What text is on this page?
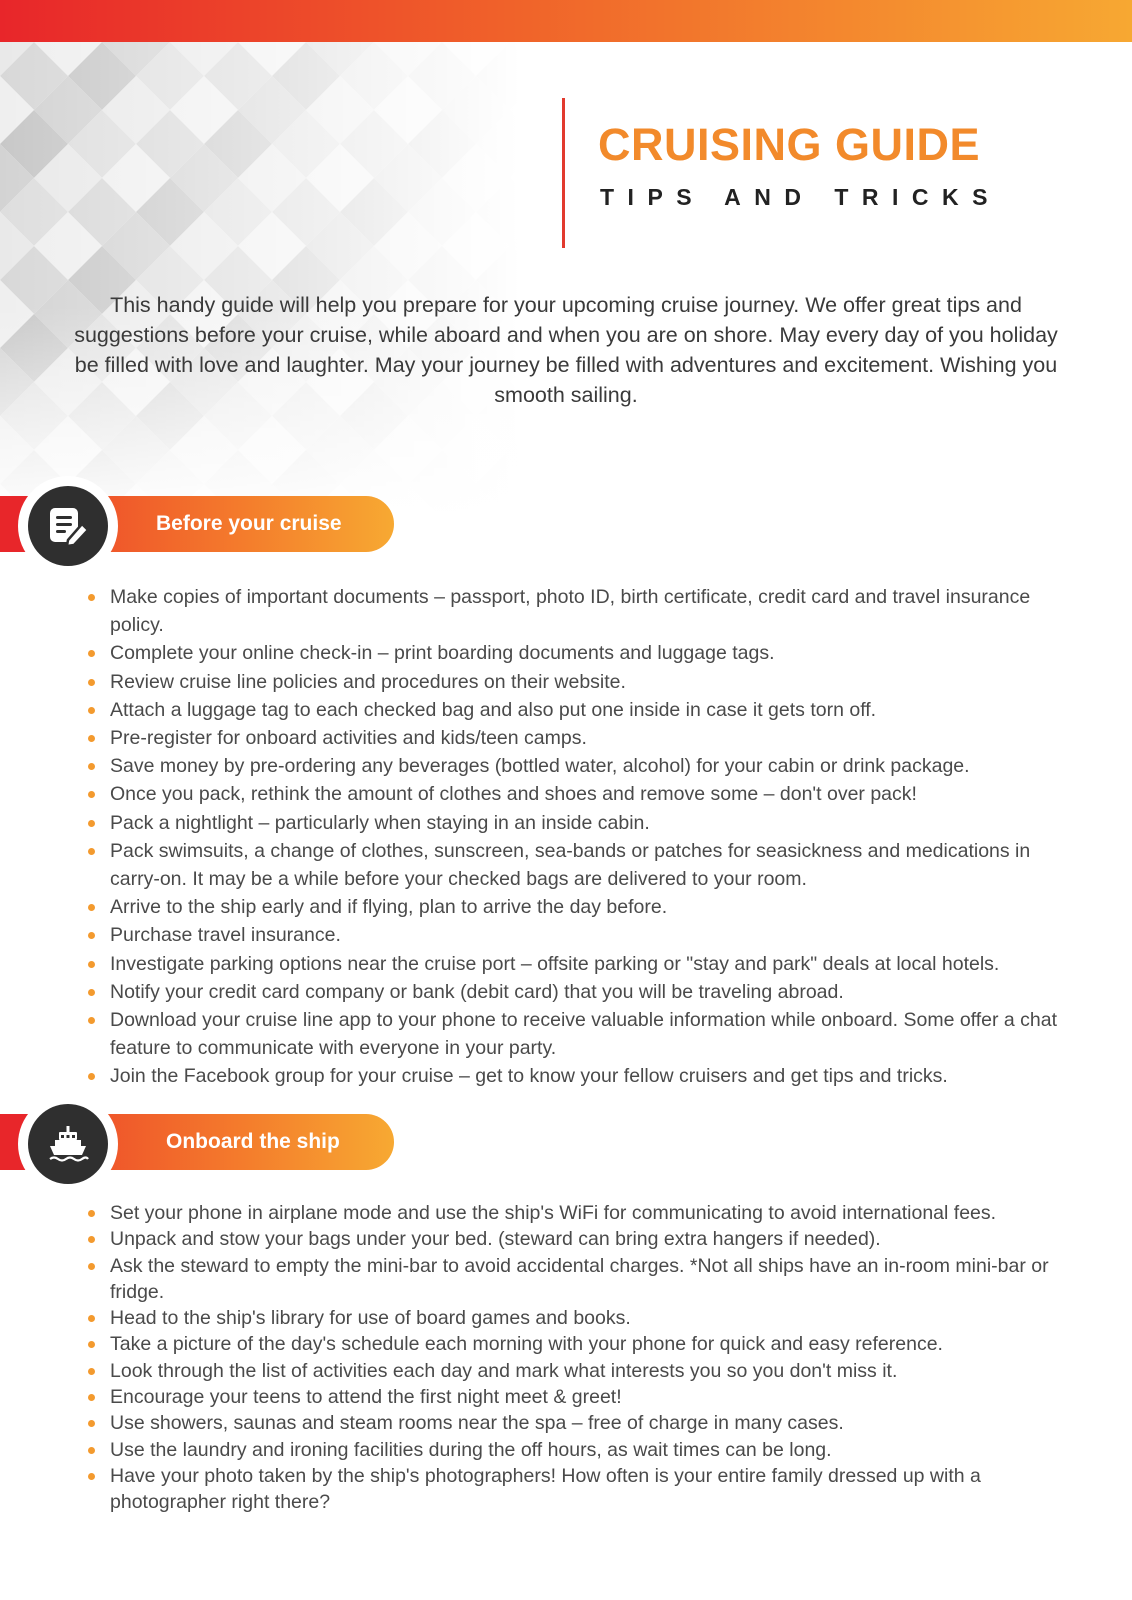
CRUISING GUIDE
TIPS AND TRICKS

This handy guide will help you prepare for your upcoming cruise journey. We offer great tips and suggestions before your cruise, while aboard and when you are on shore. May every day of you holiday be filled with love and laughter. May your journey be filled with adventures and excitement. Wishing you smooth sailing.

Before your cruise
Make copies of important documents – passport, photo ID, birth certificate, credit card and travel insurance policy.
Complete your online check-in – print boarding documents and luggage tags.
Review cruise line policies and procedures on their website.
Attach a luggage tag to each checked bag and also put one inside in case it gets torn off.
Pre-register for onboard activities and kids/teen camps.
Save money by pre-ordering any beverages (bottled water, alcohol) for your cabin or drink package.
Once you pack, rethink the amount of clothes and shoes and remove some – don't over pack!
Pack a nightlight – particularly when staying in an inside cabin.
Pack swimsuits, a change of clothes, sunscreen, sea-bands or patches for seasickness and medications in carry-on. It may be a while before your checked bags are delivered to your room.
Arrive to the ship early and if flying, plan to arrive the day before.
Purchase travel insurance.
Investigate parking options near the cruise port – offsite parking or "stay and park" deals at local hotels.
Notify your credit card company or bank (debit card) that you will be traveling abroad.
Download your cruise line app to your phone to receive valuable information while onboard. Some offer a chat feature to communicate with everyone in your party.
Join the Facebook group for your cruise – get to know your fellow cruisers and get tips and tricks.
Onboard the ship
Set your phone in airplane mode and use the ship's WiFi for communicating to avoid international fees.
Unpack and stow your bags under your bed. (steward can bring extra hangers if needed).
Ask the steward to empty the mini-bar to avoid accidental charges. *Not all ships have an in-room mini-bar or fridge.
Head to the ship's library for use of board games and books.
Take a picture of the day's schedule each morning with your phone for quick and easy reference.
Look through the list of activities each day and mark what interests you so you don't miss it.
Encourage your teens to attend the first night meet & greet!
Use showers, saunas and steam rooms near the spa – free of charge in many cases.
Use the laundry and ironing facilities during the off hours, as wait times can be long.
Have your photo taken by the ship's photographers! How often is your entire family dressed up with a photographer right there?
